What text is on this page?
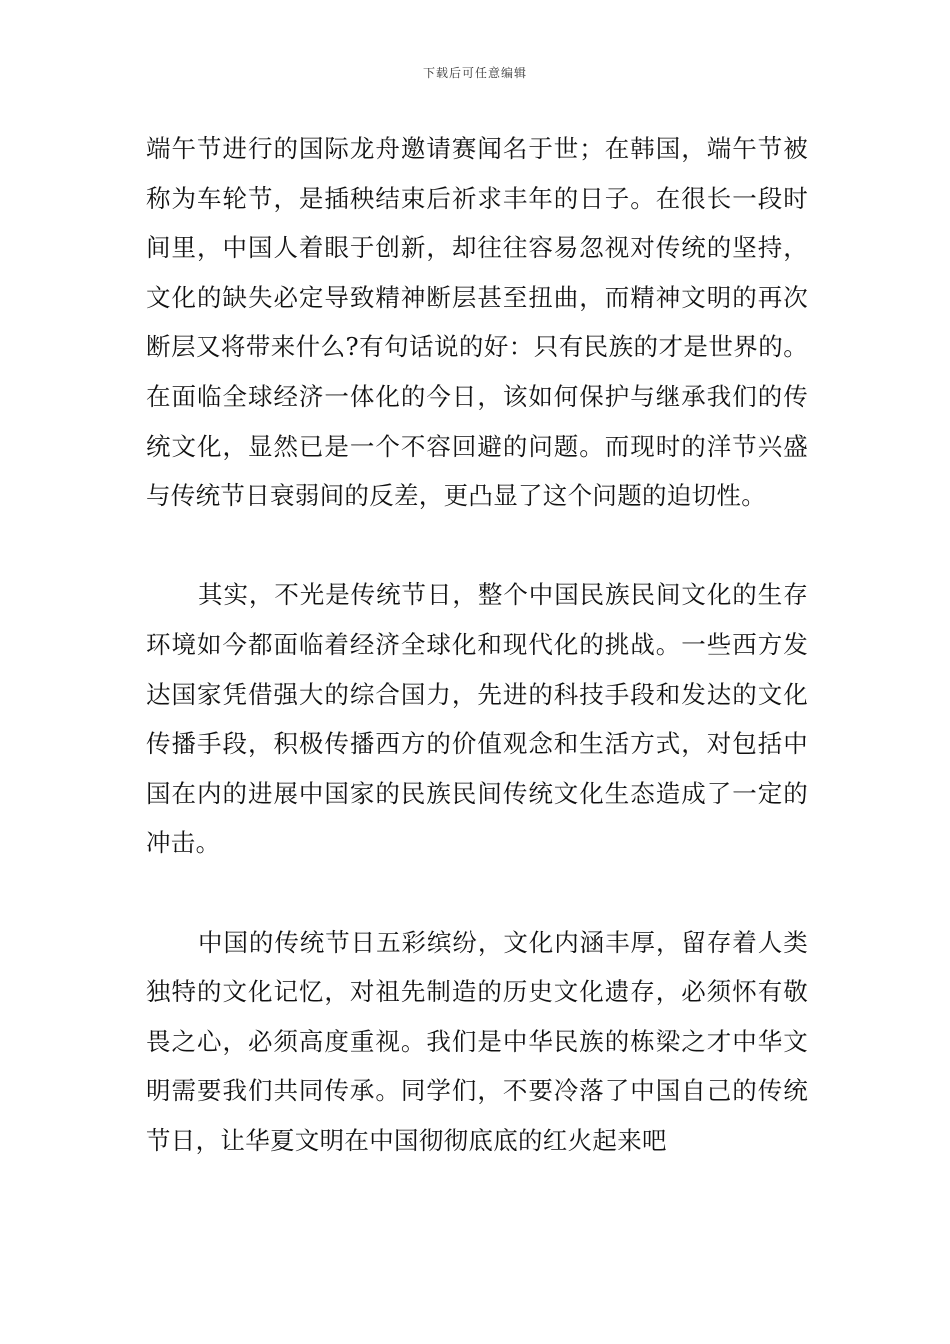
下载后可任意编辑

端午节进行的国际龙舟邀请赛闻名于世；在韩国，端午节被称为车轮节，是插秧结束后祈求丰年的日子。在很长一段时间里，中国人着眼于创新，却往往容易忽视对传统的坚持，文化的缺失必定导致精神断层甚至扭曲，而精神文明的再次断层又将带来什么?有句话说的好：只有民族的才是世界的。在面临全球经济一体化的今日，该如何保护与继承我们的传统文化，显然已是一个不容回避的问题。而现时的洋节兴盛与传统节日衰弱间的反差，更凸显了这个问题的迫切性。

其实，不光是传统节日，整个中国民族民间文化的生存环境如今都面临着经济全球化和现代化的挑战。一些西方发达国家凭借强大的综合国力，先进的科技手段和发达的文化传播手段，积极传播西方的价值观念和生活方式，对包括中国在内的进展中国家的民族民间传统文化生态造成了一定的冲击。

中国的传统节日五彩缤纷，文化内涵丰厚，留存着人类独特的文化记忆，对祖先制造的历史文化遗存，必须怀有敬畏之心，必须高度重视。我们是中华民族的栋梁之才中华文明需要我们共同传承。同学们，不要冷落了中国自己的传统节日，让华夏文明在中国彻彻底底的红火起来吧
